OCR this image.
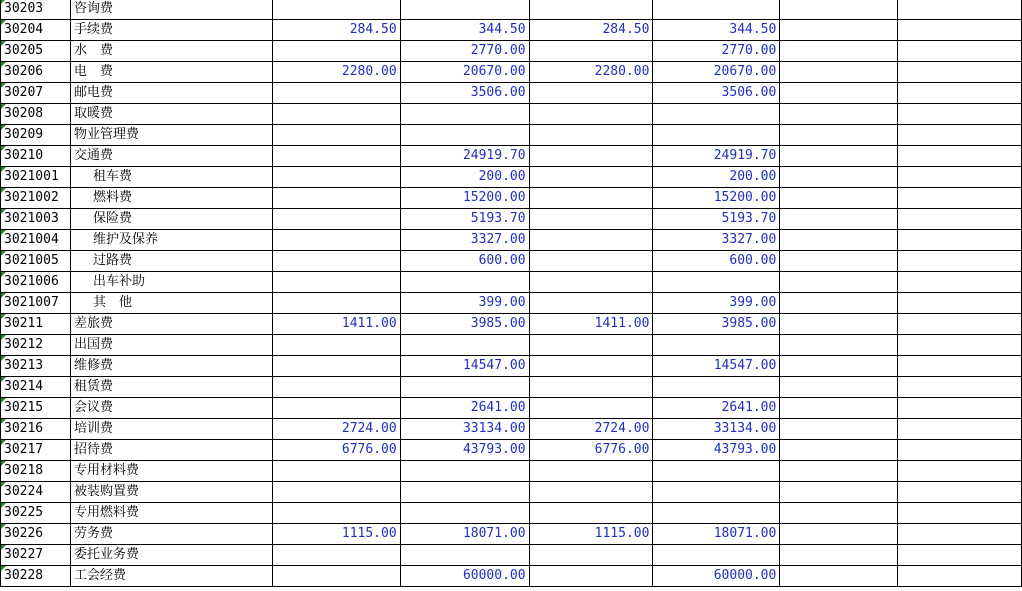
30203	咨询费						
30204	手续费	284.50	344.50	284.50	344.50		
30205	水　费		2770.00		2770.00		
30206	电　费	2280.00	20670.00	2280.00	20670.00		
30207	邮电费		3506.00		3506.00		
30208	取暖费						
30209	物业管理费						
30210	交通费		24919.70		24919.70		
3021001	租车费		200.00		200.00		
3021002	燃料费		15200.00		15200.00		
3021003	保险费		5193.70		5193.70		
3021004	维护及保养		3327.00		3327.00		
3021005	过路费		600.00		600.00		
3021006	出车补助						
3021007	其　他		399.00		399.00		
30211	差旅费	1411.00	3985.00	1411.00	3985.00		
30212	出国费						
30213	维修费		14547.00		14547.00		
30214	租赁费						
30215	会议费		2641.00		2641.00		
30216	培训费	2724.00	33134.00	2724.00	33134.00		
30217	招待费	6776.00	43793.00	6776.00	43793.00		
30218	专用材料费						
30224	被装购置费						
30225	专用燃料费						
30226	劳务费	1115.00	18071.00	1115.00	18071.00		
30227	委托业务费						
30228	工会经费		60000.00		60000.00		
